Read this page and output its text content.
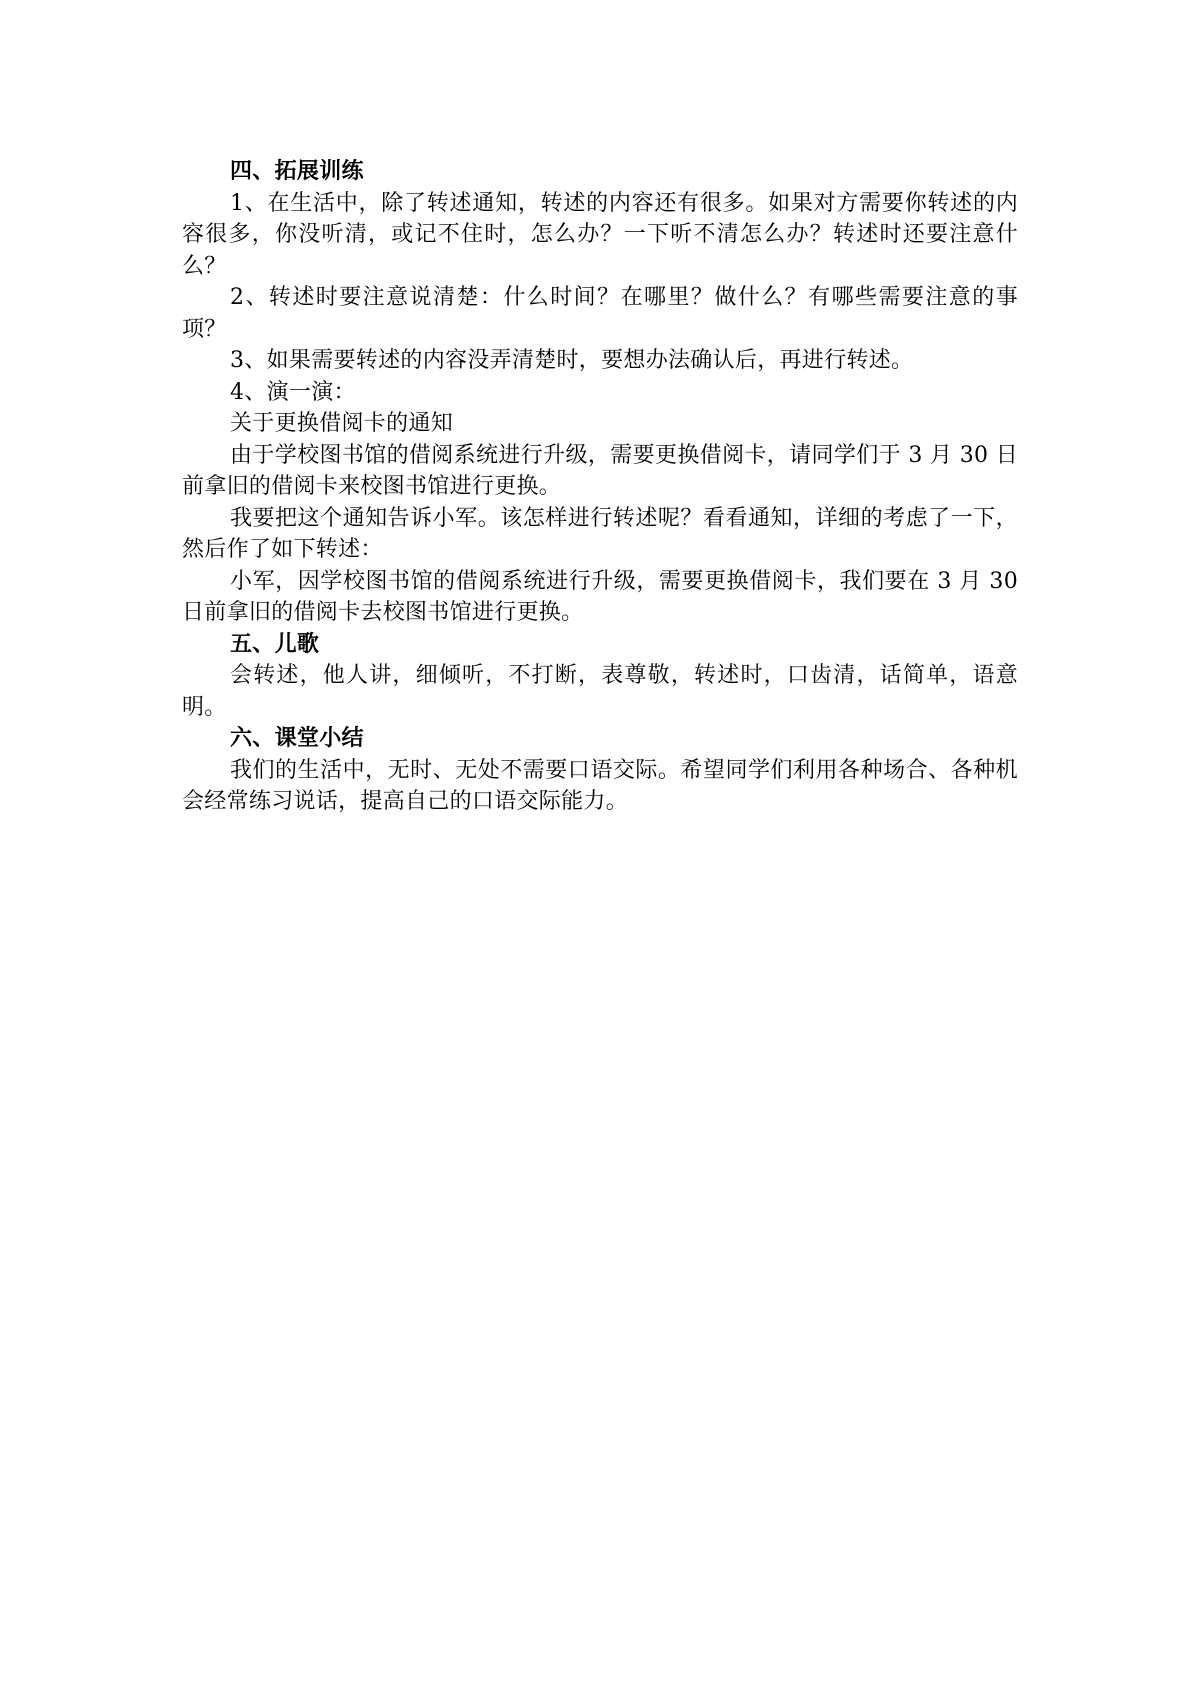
四、拓展训练

1、在生活中，除了转述通知，转述的内容还有很多。如果对方需要你转述的内容很多，你没听清，或记不住时，怎么办？一下听不清怎么办？转述时还要注意什么？

2、转述时要注意说清楚：什么时间？在哪里？做什么？有哪些需要注意的事项？

3、如果需要转述的内容没弄清楚时，要想办法确认后，再进行转述。

4、演一演：

关于更换借阅卡的通知

由于学校图书馆的借阅系统进行升级，需要更换借阅卡，请同学们于 3 月 30 日前拿旧的借阅卡来校图书馆进行更换。

我要把这个通知告诉小军。该怎样进行转述呢？看看通知，详细的考虑了一下，然后作了如下转述：

小军，因学校图书馆的借阅系统进行升级，需要更换借阅卡，我们要在 3 月 30 日前拿旧的借阅卡去校图书馆进行更换。

五、儿歌

会转述，他人讲，细倾听，不打断，表尊敬，转述时，口齿清，话简单，语意明。

六、课堂小结

我们的生活中，无时、无处不需要口语交际。希望同学们利用各种场合、各种机会经常练习说话，提高自己的口语交际能力。
